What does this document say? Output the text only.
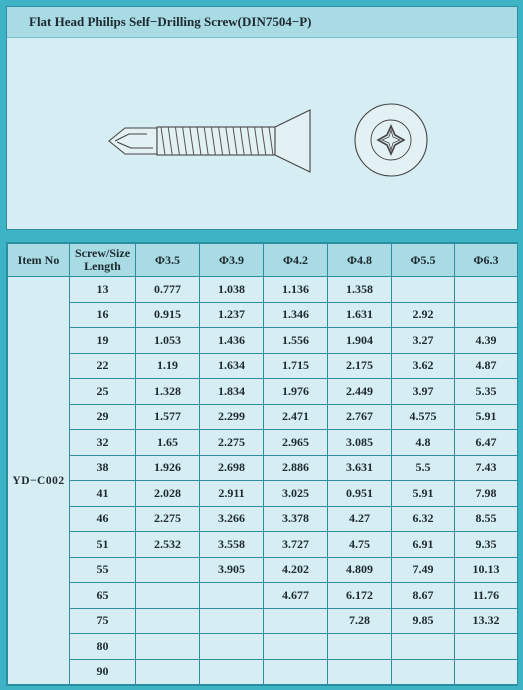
Flat Head Philips Self−Drilling Screw(DIN7504−P)
Item No	Screw/Size Length	Φ3.5	Φ3.9	Φ4.2	Φ4.8	Φ5.5	Φ6.3
YD−C002	13	0.777	1.038	1.136	1.358		
	16	0.915	1.237	1.346	1.631	2.92	
	19	1.053	1.436	1.556	1.904	3.27	4.39
	22	1.19	1.634	1.715	2.175	3.62	4.87
	25	1.328	1.834	1.976	2.449	3.97	5.35
	29	1.577	2.299	2.471	2.767	4.575	5.91
	32	1.65	2.275	2.965	3.085	4.8	6.47
	38	1.926	2.698	2.886	3.631	5.5	7.43
	41	2.028	2.911	3.025	0.951	5.91	7.98
	46	2.275	3.266	3.378	4.27	6.32	8.55
	51	2.532	3.558	3.727	4.75	6.91	9.35
	55		3.905	4.202	4.809	7.49	10.13
	65			4.677	6.172	8.67	11.76
	75				7.28	9.85	13.32
	80						
	90						
